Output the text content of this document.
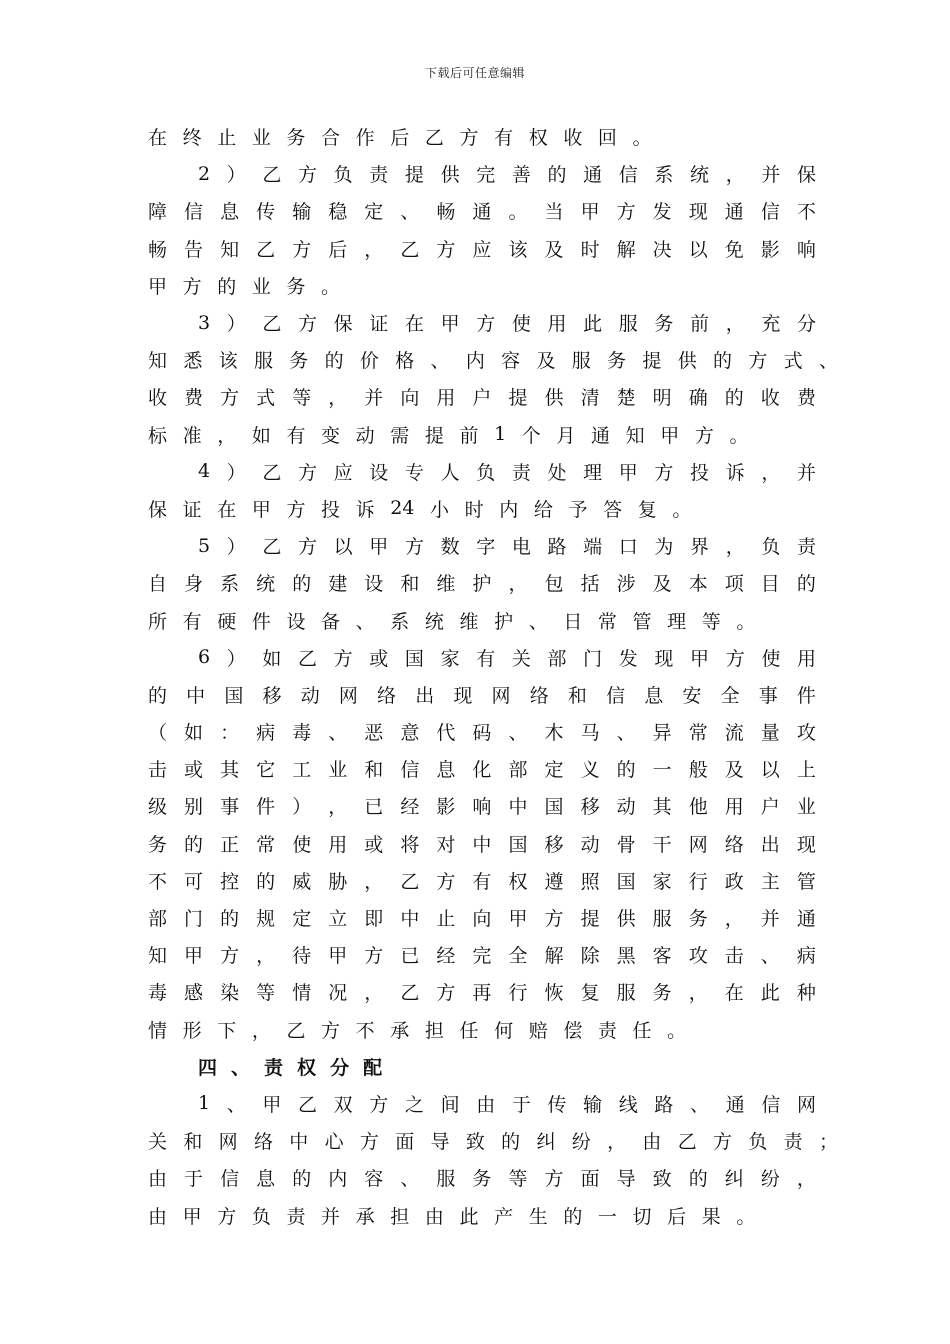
下载后可任意编辑
在 终 止 业 务 合 作 后 乙 方 有 权 收 回 。
2 ） 乙 方 负 责 提 供 完 善 的 通 信 系 统 ， 并 保
障 信 息 传 输 稳 定 、 畅 通 。 当 甲 方 发 现 通 信 不
畅 告 知 乙 方 后 ， 乙 方 应 该 及 时 解 决 以 免 影 响
甲 方 的 业 务 。
3 ） 乙 方 保 证 在 甲 方 使 用 此 服 务 前 ， 充 分
知 悉 该 服 务 的 价 格 、 内 容 及 服 务 提 供 的 方 式 、
收 费 方 式 等 ， 并 向 用 户 提 供 清 楚 明 确 的 收 费
标 准 ， 如 有 变 动 需 提 前 1 个 月 通 知 甲 方 。
4 ） 乙 方 应 设 专 人 负 责 处 理 甲 方 投 诉 ， 并
保 证 在 甲 方 投 诉 24 小 时 内 给 予 答 复 。
5 ） 乙 方 以 甲 方 数 字 电 路 端 口 为 界 ， 负 责
自 身 系 统 的 建 设 和 维 护 ， 包 括 涉 及 本 项 目 的
所 有 硬 件 设 备 、 系 统 维 护 、 日 常 管 理 等 。
6 ） 如 乙 方 或 国 家 有 关 部 门 发 现 甲 方 使 用
的 中 国 移 动 网 络 出 现 网 络 和 信 息 安 全 事 件
（ 如 ： 病 毒 、 恶 意 代 码 、 木 马 、 异 常 流 量 攻
击 或 其 它 工 业 和 信 息 化 部 定 义 的 一 般 及 以 上
级 别 事 件 ） ， 已 经 影 响 中 国 移 动 其 他 用 户 业
务 的 正 常 使 用 或 将 对 中 国 移 动 骨 干 网 络 出 现
不 可 控 的 威 胁 ， 乙 方 有 权 遵 照 国 家 行 政 主 管
部 门 的 规 定 立 即 中 止 向 甲 方 提 供 服 务 ， 并 通
知 甲 方 ， 待 甲 方 已 经 完 全 解 除 黑 客 攻 击 、 病
毒 感 染 等 情 况 ， 乙 方 再 行 恢 复 服 务 ， 在 此 种
情 形 下 ， 乙 方 不 承 担 任 何 赔 偿 责 任 。
四 、 责 权 分 配
1 、 甲 乙 双 方 之 间 由 于 传 输 线 路 、 通 信 网
关 和 网 络 中 心 方 面 导 致 的 纠 纷 ， 由 乙 方 负 责 ；
由 于 信 息 的 内 容 、 服 务 等 方 面 导 致 的 纠 纷 ，
由 甲 方 负 责 并 承 担 由 此 产 生 的 一 切 后 果 。
